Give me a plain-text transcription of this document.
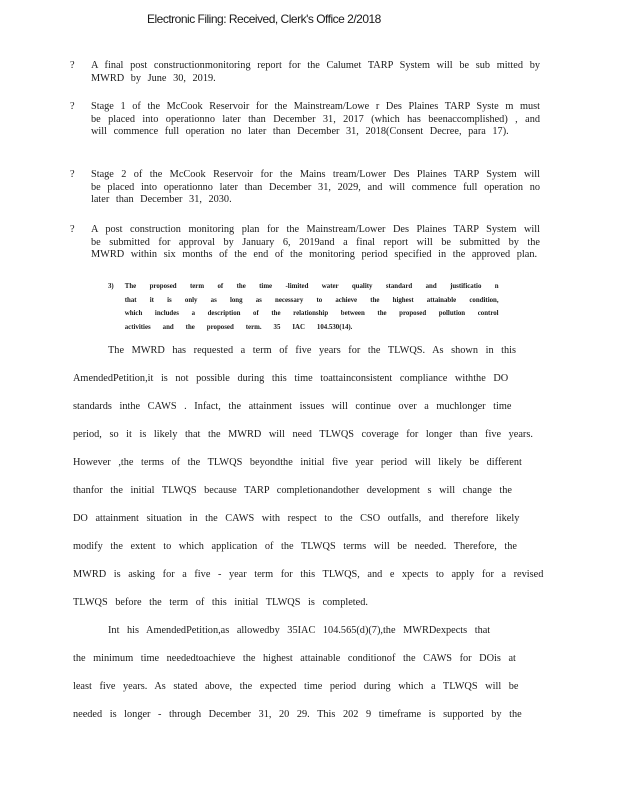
Electronic Filing: Received, Clerk's Office 2/2018
?	A final post constructionmonitoring report for the Calumet TARP System will be sub mitted by MWRD by June 30, 2019.
?	Stage 1 of the McCook Reservoir for the Mainstream/Lowe r Des Plaines TARP Syste m must be placed into operationno later than December 31, 2017 (which has beenaccomplished) , and will commence full operation no later than December 31, 2018(Consent Decree, para 17).
?	Stage 2 of the McCook Reservoir for the Mains tream/Lower Des Plaines TARP System will be placed into operationno later than December 31, 2029, and will commence full operation no later than December 31, 2030.
?	A post construction monitoring plan for the Mainstream/Lower Des Plaines TARP System will be submitted for approval by January 6, 2019and a final report will be submitted by the MWRD within six months of the end of the monitoring period specified in the approved plan.
3) The proposed term of the time -limited water quality standard and justificatio n that it is only as long as necessary to achieve the highest attainable condition, which includes a description of the relationship between the proposed pollution control activities and the proposed term. 35 IAC 104.530(14).
The MWRD has requested a term of five years for the TLWQS. As shown in this
AmendedPetition,it is not possible during this time toattainconsistent compliance withthe DO
standards inthe CAWS . Infact, the attainment issues will continue over a muchlonger time
period, so it is likely that the MWRD will need TLWQS coverage for longer than five years.
However ,the terms of the TLWQS beyondthe initial five year period will likely be different
thanfor the initial TLWQS because TARP completionandother development s will change the
DO attainment situation in the CAWS with respect to the CSO outfalls, and therefore likely
modify the extent to which application of the TLWQS terms will be needed. Therefore, the
MWRD is asking for a five - year term for this TLWQS, and e xpects to apply for a revised
TLWQS before the term of this initial TLWQS is completed.
Int his AmendedPetition,as allowedby 35IAC 104.565(d)(7),the MWRDexpects that
the minimum time neededtoachieve the highest attainable conditionof the CAWS for DOis at
least five years. As stated above, the expected time period during which a TLWQS will be
needed is longer - through December 31, 20 29. This 202 9 timeframe is supported by the
